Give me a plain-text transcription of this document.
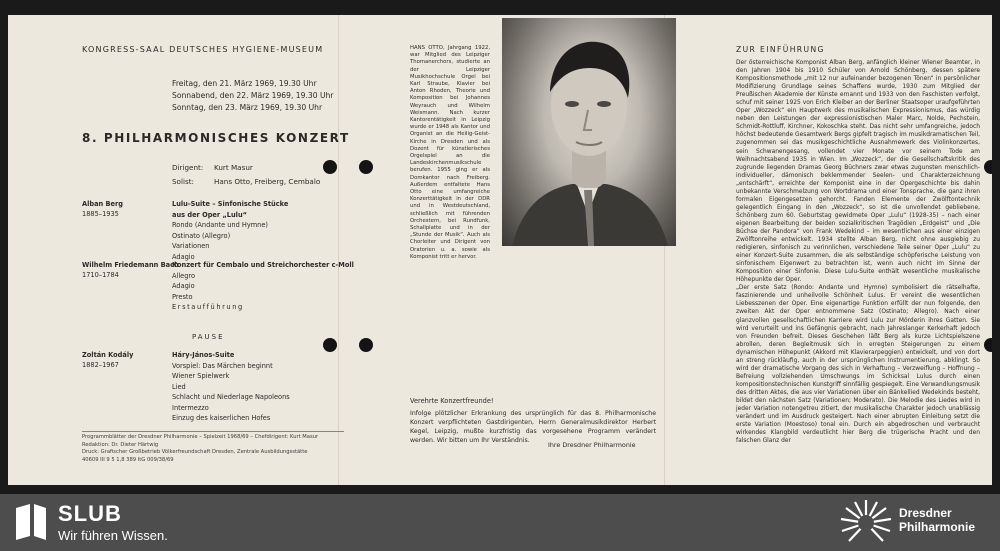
KONGRESS-SAAL DEUTSCHES HYGIENE-MUSEUM
Freitag, den 21. März 1969, 19.30 Uhr
Sonnabend, den 22. März 1969, 19.30 Uhr
Sonntag, den 23. März 1969, 19.30 Uhr
8. PHILHARMONISCHES KONZERT
Dirigent: Kurt Masur
Solist:	Hans Otto, Freiberg, Cembalo
Alban Berg
1885–1935
Lulu-Suite – Sinfonische Stücke
aus der Oper „Lulu“
Rondo (Andante und Hymne)
Ostinato (Allegro)
Variationen
Adagio
Wilhelm Friedemann Bach
1710–1784
Konzert für Cembalo und Streichorchester c-Moll
Allegro
Adagio
Presto
Erstaufführung
PAUSE
Zoltán Kodály
1882–1967
Háry-János-Suite
Vorspiel: Das Märchen beginnt
Wiener Spielwerk
Lied
Schlacht und Niederlage Napoleons
Intermezzo
Einzug des kaiserlichen Hofes
Programmblätter der Dresdner Philharmonie – Spielzeit 1968/69 – Chefdirigent: Kurt Masur
Redaktion: Dr. Dieter Härtwig
Druck: Grafischer Großbetrieb Völkerfreundschaft Dresden, Zentrale Ausbildungsstätte
40609 III 9 5 1,8 389 ItG 009/38/69
HANS OTTO, Jahrgang 1922, war Mitglied des Leipziger Thomanerchors, studierte an der Leipziger Musikhochschule Orgel bei Karl Straube, Klavier bei Anton Rhoden, Theorie und Komposition bei Johannes Weyrauch und Wilhelm Weismann. Nach kurzer Kantorentätigkeit in Leipzig wurde er 1948 als Kantor und Organist an die Heilig-Geist-Kirche in Dresden und als Dozent für künstlerisches Orgelspiel an die Landeskirchenmusikschule berufen. 1955 ging er als Domkantor nach Freiberg. Außerdem entfaltete Hans Otto eine umfangreiche Konzerttätigkeit in der DDR und in Westdeutschland, schließlich mit führenden Orchestern, bei Rundfunk, Schallplatte und in der „Stunde der Musik“. Auch als Chorleiter und Dirigent von Oratorien u. a. sowie als Komponist tritt er hervor.
Verehrte Konzertfreunde!
Infolge plötzlicher Erkrankung des ursprünglich für das 8. Philharmonische Konzert verpflichteten Gastdirigenten, Herrn Generalmusikdirektor Herbert Kegel, Leipzig, mußte kurzfristig das vorgesehene Programm verändert werden. Wir bitten um Ihr Verständnis.
Ihre Dresdner Philharmonie
ZUR EINFÜHRUNG

Der österreichische Komponist Alban Berg, anfänglich kleiner Wiener Beamter, in den Jahren 1904 bis 1910 Schüler von Arnold Schönberg, dessen spätere Kompositionsmethode „mit 12 nur aufeinander bezogenen Tönen“ in persönlicher Modifizierung Grundlage seines Schaffens wurde, 1930 zum Mitglied der Preußischen Akademie der Künste ernannt und 1933 von den Faschisten verfolgt, schuf mit seiner 1925 von Erich Kleiber an der Berliner Staatsoper uraufgeführten Oper „Wozzeck“ ein Hauptwerk des musikalischen Expressionismus, das würdig neben den Leistungen der expressionistischen Maler Marc, Nolde, Pechstein, Schmidt-Rottluff, Kirchner, Kokoschka steht. Das nicht sehr umfangreiche, jedoch höchst bedeutende Gesamtwerk Bergs gipfelt tragisch im musikdramatischen Teil, zugenommen sei das musikgeschichtliche Ausnahmewerk des Violinkonzertes, sein Schwanengesang, vollendet vier Monate vor seinem Tode am Weihnachtsabend 1935 in Wien. Im „Wozzeck“, der die Gesellschaftskritik des zugrunde liegenden Dramas Georg Büchners zwar etwas zugunsten menschlich-individueller, dämonisch beklemmender Seelen- und Charakterzeichnung „entschärft“, erreichte der Komponist eine in der Opergeschichte bis dahin unbekannte Verschmelzung von Wortdrama und einer Tonsprache, die ganz ihren formalen Eigengesetzen gehorcht. Fanden Elemente der Zwölftontechnik gelegentlich Eingang in den „Wozzeck“, so ist die unvollendet gebliebene, Schönberg zum 60. Geburtstag gewidmete Oper „Lulu“ (1928-35) – nach einer eigenen Bearbeitung der beiden sozialkritischen Tragödien „Erdgeist“ und „Die Büchse der Pandora“ von Frank Wedekind – im wesentlichen aus einer einzigen Zwölftonreihe entwickelt. 1934 stellte Alban Berg, nicht ohne ausgiebig zu redigieren, sinfonisch zu verinnlichen, verschiedene Teile seiner Oper „Lulu“ zu einer Konzert-Suite zusammen, die als selbständige schöpferische Leistung von sinfonischem Eigenwert zu betrachten ist, wenn auch nicht im Sinne der Komposition einer Sinfonie. Diese Lulu-Suite enthält wesentliche musikalische Höhepunkte der Oper.

„Der erste Satz (Rondo: Andante und Hymne) symbolisiert die rätselhafte, faszinierende und unheilvolle Schönheit Lulus. Er vereint die wesentlichen Liebesszenen der Oper. Eine eigenartige Funktion erfüllt der nun folgende, den zweiten Akt der Oper entnommene Satz (Ostinato; Allegro). Nach einer glanzvollen gesellschaftlichen Karriere wird Lulu zur Mörderin ihres Gatten. Sie wird verurteilt und ins Gefängnis gebracht, nach Jahreslanger Kerkerhaft jedoch von Freunden befreit. Dieses Geschehen läßt Berg als kurze Lichtspielszene abrollen, deren Begleitmusik sich in erregten Steigerungen zu einem dynamischen Höhepunkt (Akkord mit Klavierarpeggien) entwickelt, und von dort an streng rückläufig, auch in der ursprünglichen Instrumentierung, abklingt. So wird der dramatische Vorgang des sich in Verhaftung – Verzweiflung – Hoffnung – Befreiung vollziehenden Umschwungs im Schicksal Lulus durch einen kompositionstechnischen Kunstgriff sinnfällig gespiegelt. Eine Verwandlungsmusik des dritten Aktes, die aus vier Variationen über ein Bänkellied Wedekinds besteht, bildet den nächsten Satz (Variationen; Moderato). Die Melodie des Liedes wird in jeder Variation notengetreu zitiert, der musikalische Charakter jedoch unablässig verändert und im Ausdruck gesteigert. Nach einer abrupten Einleitung setzt die erste Variation (Moestoso) tonal ein. Durch ein abgedroschen und verbraucht wirkendes Klangbild verdeutlicht hier Berg die trügerische Pracht und den falschen Glanz der

SLUB
Wir führen Wissen.
Dresdner
Philharmonie
